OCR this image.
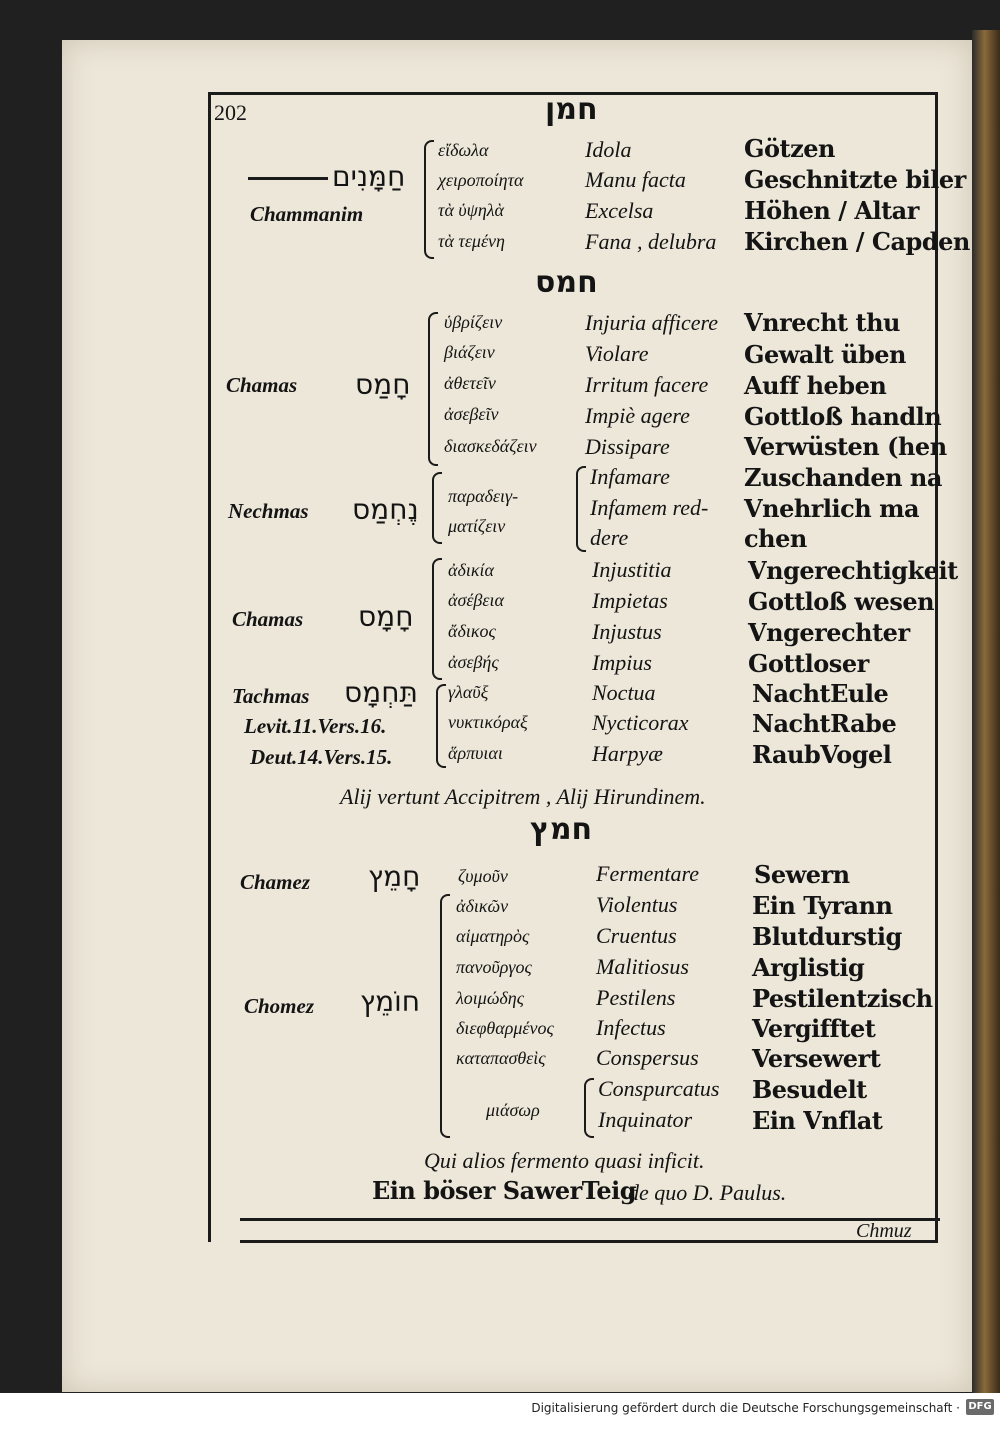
202	חמן
חַמָּנִים
Chammanim
εἴδωλα
χειροποίητα
τὰ ὑψηλὰ
τὰ τεμένη
Idola
Manu facta
Excelsa
Fana , delubra
Götzen
Geschnitzte biler
Höhen / Altar
Kirchen / Capden
חמס
Chamas חָמַס
ὑβρίζειν
βιάζειν
ἀθετεῖν
ἀσεβεῖν
διασκεδάζειν
Injuria afficere
Violare
Irritum facere
Impiè agere
Dissipare
Vnrecht thu
Gewalt üben
Auff heben
Gottloß handln
Verwüsten (hen
Nechmas נֶחְמַס παραδειγ-
ματίζειν
Infamare
Infamem red-
dere
Zuschanden na
Vnehrlich ma
chen
Chamas חָמָס
ἀδικία
ἀσέβεια
ἄδικος
ἀσεβής
Injustitia
Impietas
Injustus
Impius
Vngerechtigkeit
Gottloß wesen
Vngerechter
Gottloser
Tachmas תַּחְמָס
Levit.11.Vers.16.
Deut.14.Vers.15.
γλαῦξ
νυκτικόραξ
ἅρπυιαι
Noctua
Nycticorax
Harpyæ
NachtEule
NachtRabe
RaubVogel
Alij vertunt Accipitrem , Alij Hirundinem.
חמץ
Chamez חָמֵץ ζυμοῦν	Fermentare Sewern
Chomez חוֹמֵץ
ἀδικῶν
αἱματηρὸς
πανοῦργος
λοιμώδης
διεφθαρμένος
καταπασθεὶς
μιάσωρ
Violentus
Cruentus
Malitiosus
Pestilens
Infectus
Conspersus
Conspurcatus
Inquinator
Ein Tyrann
Blutdurstig
Arglistig
Pestilentzisch
Vergifftet
Versewert
Besudelt
Ein Vnflat
Qui alios fermento quasi inficit.
Ein böser SawerTeig
de quo D. Paulus.
Chmuz
Digitalisierung gefördert durch die Deutsche Forschungsgemeinschaft · DFG
